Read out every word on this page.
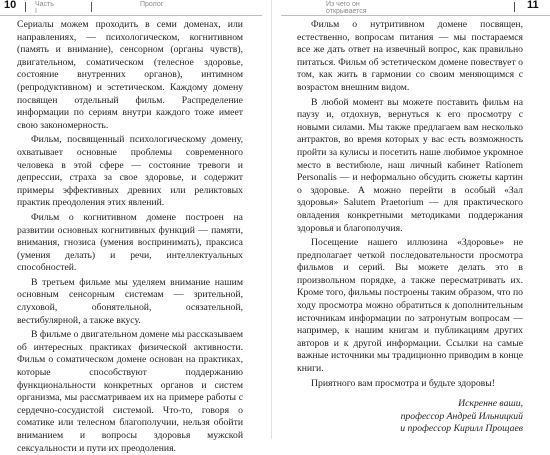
10	Часть I
Пролог	Из чего он открывается
11

Сериалы можем проходить в семи доменах, или направлениях, — психологическом, когнитивном (память и внимание), сенсорном (органы чувств), двигательном, соматическом (телесное здоровье, состояние внутренних органов), интимном (репродуктивном) и эстетическом. Каждому домену посвящен отдельный фильм. Распределение информации по сериям внутри каждого тоже имеет свою закономерность.

Фильм, посвященный психологическому домену, охватывает основные проблемы современного человека в этой сфере — состояние тревоги и депрессии, страха за свое здоровье, и содержит примеры эффективных древних или реликтовых практик преодоления этих явлений.

Фильм о когнитивном домене построен на развитии основных когнитивных функций — памяти, внимания, гнозиса (умения воспринимать), праксиса (умения делать) и речи, интеллектуальных способностей.

В третьем фильме мы уделяем внимание нашим основным сенсорным системам — зрительной, слуховой, обонятельной, осязательной, вестибулярной, а также вкусу.

В фильме о двигательном домене мы рассказываем об интересных практиках физической активности. Фильм о соматическом домене основан на практиках, которые способствуют поддержанию функциональности конкретных органов и систем организма, мы рассматриваем их на примере работы с сердечно-сосудистой системой. Что-то, говоря о соматике или телесном благополучии, нельзя обойти вниманием и вопросы здоровья мужской сексуальности и пути их преодоления.

Фильм о нутритивном домене посвящен, естественно, вопросам питания — мы постараемся все же дать ответ на извечный вопрос, как правильно питаться. Фильм об эстетическом домене повествует о том, как жить в гармонии со своим меняющимся с возрастом внешним видом.

В любой момент вы можете поставить фильм на паузу и, отдохнув, вернуться к его просмотру с новыми силами. Мы также предлагаем вам несколько антрактов, во время которых у вас есть возможность пройти за кулисы и посетить наше любимое укромное место в вестибюле, наш личный кабинет Rationem Personalis — и неформально обсудить сюжеты картин о здоровье. А можно перейти в особый «Зал здоровья» Salutem Praetorium — для практического овладения конкретными методиками поддержания здоровья и благополучия.

Посещение нашего иллюзина «Здоровье» не предполагает четкой последовательности просмотра фильмов и серий. Вы можете делать это в произвольном порядке, а также пересматривать их. Кроме того, фильмы построены таким образом, что по ходу просмотра можно обратиться к дополнительным источникам информации по затронутым вопросам — например, к нашим книгам и публикациям других авторов и к другой информации. Ссылки на самые важные источники мы традиционно приводим в конце книги.

Приятного вам просмотра и будьте здоровы!

Искренне ваши,
профессор Андрей Ильницкий
и профессор Кирилл Прощаев
